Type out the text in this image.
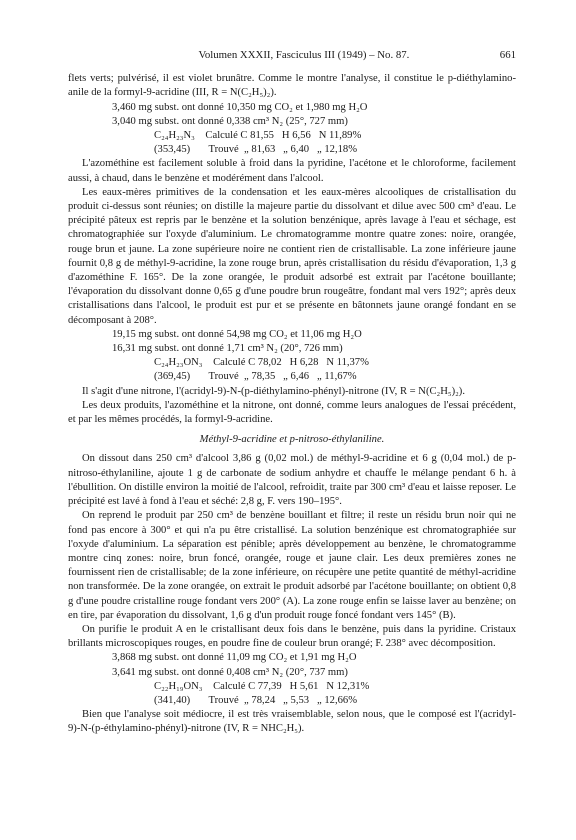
Volumen XXXII, Fasciculus III (1949) – No. 87.	661

flets verts; pulvérisé, il est violet brunâtre. Comme le montre l'analyse, il constitue le p-diéthylamino-anile de la formyl-9-acridine (III, R = N(C₂H₅)₂).

3,460 mg subst. ont donné 10,350 mg CO₂ et 1,980 mg H₂O
3,040 mg subst. ont donné 0,338 cm³ N₂ (25°, 727 mm)
C₂₄H₂₃N₃    Calculé C 81,55   H 6,56   N 11,89%
(353,45)       Trouvé  „ 81,63   „ 6,40   „ 12,18%

L'azométhine est facilement soluble à froid dans la pyridine, l'acétone et le chloroforme, facilement aussi, à chaud, dans le benzène et modérément dans l'alcool.

Les eaux-mères primitives de la condensation et les eaux-mères alcooliques de cristallisation du produit ci-dessus sont réunies; on distille la majeure partie du dissolvant et dilue avec 500 cm³ d'eau. Le précipité pâteux est repris par le benzène et la solution benzénique, après lavage à l'eau et séchage, est chromatographiée sur l'oxyde d'aluminium. Le chromatogramme montre quatre zones: noire, orangée, rouge brun et jaune. La zone supérieure noire ne contient rien de cristallisable. La zone inférieure jaune fournit 0,8 g de méthyl-9-acridine, la zone rouge brun, après cristallisation du résidu d'évaporation, 1,3 g d'azométhine F. 165°. De la zone orangée, le produit adsorbé est extrait par l'acétone bouillante; l'évaporation du dissolvant donne 0,65 g d'une poudre brun rougeâtre, fondant mal vers 192°; après deux cristallisations dans l'alcool, le produit est pur et se présente en bâtonnets jaune orangé fondant en se décomposant à 208°.

19,15 mg subst. ont donné 54,98 mg CO₂ et 11,06 mg H₂O
16,31 mg subst. ont donné 1,71 cm³ N₂ (20°, 726 mm)
C₂₄H₂₃ON₃    Calculé C 78,02   H 6,28   N 11,37%
(369,45)       Trouvé  „ 78,35   „ 6,46   „ 11,67%

Il s'agit d'une nitrone, l'(acridyl-9)-N-(p-diéthylamino-phényl)-nitrone (IV, R = N(C₂H₅)₂).

Les deux produits, l'azométhine et la nitrone, ont donné, comme leurs analogues de l'essai précédent, et par les mêmes procédés, la formyl-9-acridine.

Méthyl-9-acridine et p-nitroso-éthylaniline.

On dissout dans 250 cm³ d'alcool 3,86 g (0,02 mol.) de méthyl-9-acridine et 6 g (0,04 mol.) de p-nitroso-éthylaniline, ajoute 1 g de carbonate de sodium anhydre et chauffe le mélange pendant 6 h. à l'ébullition. On distille environ la moitié de l'alcool, refroidit, traite par 300 cm³ d'eau et laisse reposer. Le précipité est lavé à fond à l'eau et séché: 2,8 g, F. vers 190–195°.

On reprend le produit par 250 cm³ de benzène bouillant et filtre; il reste un résidu brun noir qui ne fond pas encore à 300° et qui n'a pu être cristallisé. La solution benzénique est chromatographiée sur l'oxyde d'aluminium. La séparation est pénible; après développement au benzène, le chromatogramme montre cinq zones: noire, brun foncé, orangée, rouge et jaune clair. Les deux premières zones ne fournissent rien de cristallisable; de la zone inférieure, on récupère une petite quantité de méthyl-acridine non transformée. De la zone orangée, on extrait le produit adsorbé par l'acétone bouillante; on obtient 0,8 g d'une poudre cristalline rouge fondant vers 200° (A). La zone rouge enfin se laisse laver au benzène; on en tire, par évaporation du dissolvant, 1,6 g d'un produit rouge foncé fondant vers 145° (B).

On purifie le produit A en le cristallisant deux fois dans le benzène, puis dans la pyridine. Cristaux brillants microscopiques rouges, en poudre fine de couleur brun orangé; F. 238° avec décomposition.

3,868 mg subst. ont donné 11,09 mg CO₂ et 1,91 mg H₂O
3,641 mg subst. ont donné 0,408 cm³ N₂ (20°, 737 mm)
C₂₂H₁₉ON₃    Calculé C 77,39   H 5,61   N 12,31%
(341,40)       Trouvé  „ 78,24   „ 5,53   „ 12,66%

Bien que l'analyse soit médiocre, il est très vraisemblable, selon nous, que le composé est l'(acridyl-9)-N-(p-éthylamino-phényl)-nitrone (IV, R = NHC₂H₅).
